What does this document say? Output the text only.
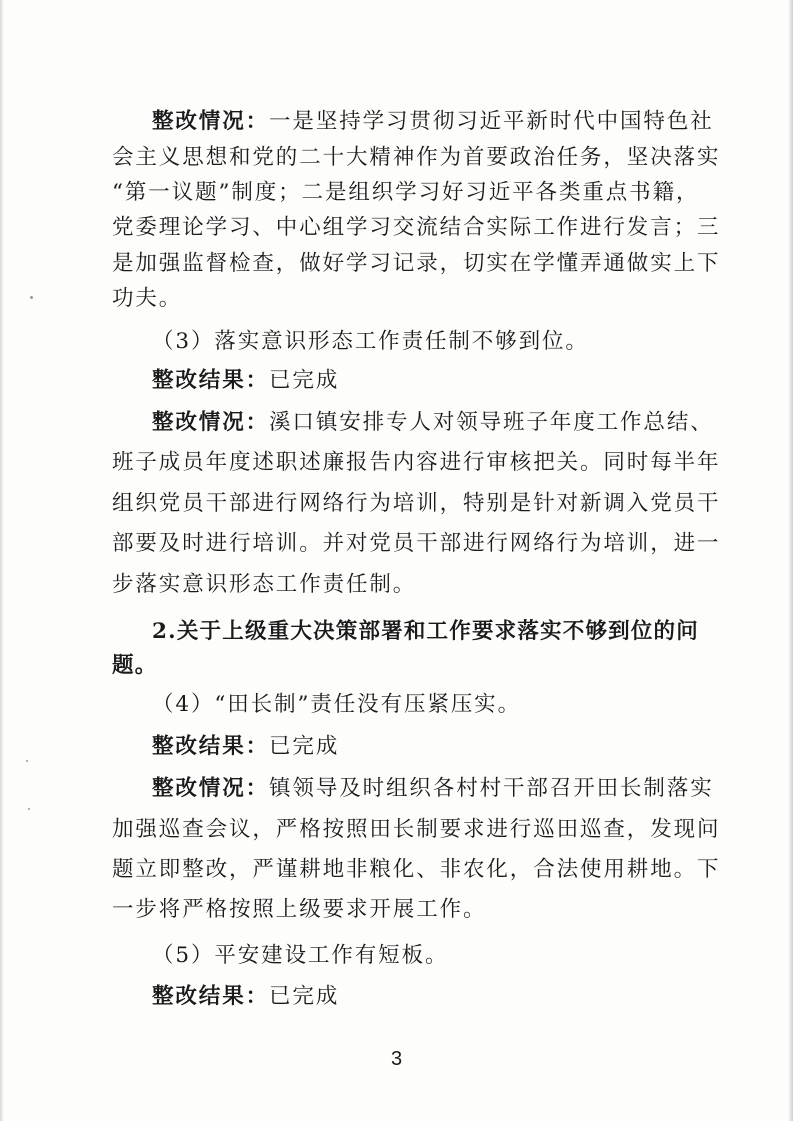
整改情况：一是坚持学习贯彻习近平新时代中国特色社
会主义思想和党的二十大精神作为首要政治任务，坚决落实
“第一议题”制度；二是组织学习好习近平各类重点书籍，
党委理论学习、中心组学习交流结合实际工作进行发言；三
是加强监督检查，做好学习记录，切实在学懂弄通做实上下
功夫。
（3）落实意识形态工作责任制不够到位。
整改结果：已完成
整改情况：溪口镇安排专人对领导班子年度工作总结、
班子成员年度述职述廉报告内容进行审核把关。同时每半年
组织党员干部进行网络行为培训，特别是针对新调入党员干
部要及时进行培训。并对党员干部进行网络行为培训，进一
步落实意识形态工作责任制。
2.关于上级重大决策部署和工作要求落实不够到位的问
题。
（4）“田长制”责任没有压紧压实。
整改结果：已完成
整改情况：镇领导及时组织各村村干部召开田长制落实
加强巡查会议，严格按照田长制要求进行巡田巡查，发现问
题立即整改，严谨耕地非粮化、非农化，合法使用耕地。下
一步将严格按照上级要求开展工作。
（5）平安建设工作有短板。
整改结果：已完成
3
